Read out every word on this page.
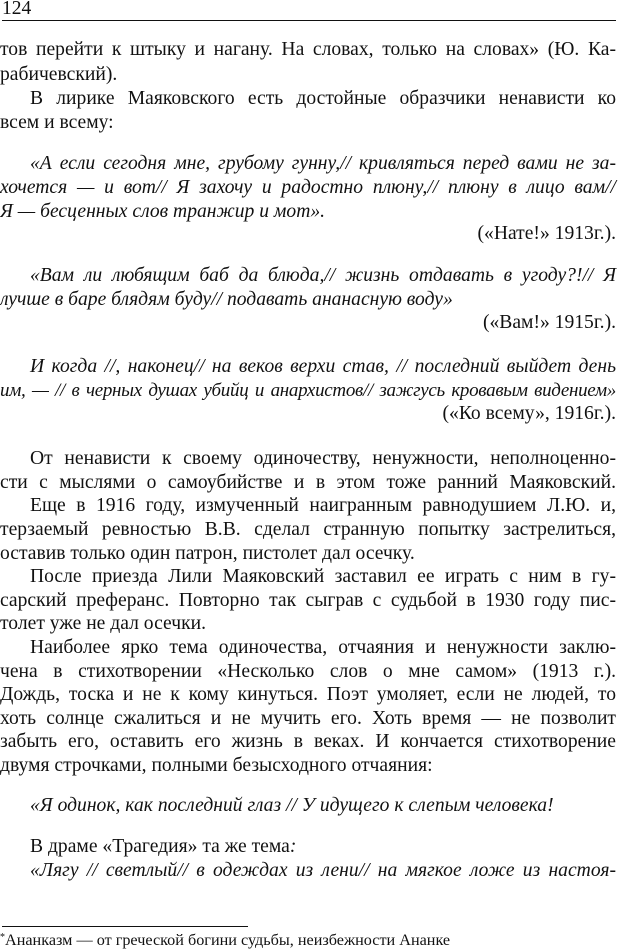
124
тов перейти к штыку и нагану. На словах, только на словах» (Ю. Ка-
рабичевский).
В лирике Маяковского есть достойные образчики ненависти ко
всем и всему:
«А если сегодня мне, грубому гунну,// кривляться перед вами не за-
хочется — и вот// Я захочу и радостно плюну,// плюну в лицо вам//
Я — бесценных слов транжир и мот».
(«Нате!» 1913г.).
«Вам ли любящим баб да блюда,// жизнь отдавать в угоду?!// Я
лучше в баре блядям буду// подавать ананасную воду»
(«Вам!» 1915г.).
И когда //, наконец// на веков верхи став, // последний выйдет день
им, — // в черных душах убийц и анархистов// зажгусь кровавым видением»
(«Ко всему», 1916г.).
От ненависти к своему одиночеству, ненужности, неполноценно-
сти с мыслями о самоубийстве и в этом тоже ранний Маяковский.
Еще в 1916 году, измученный наигранным равнодушием Л.Ю. и,
терзаемый ревностью В.В. сделал странную попытку застрелиться,
оставив только один патрон, пистолет дал осечку.
После приезда Лили Маяковский заставил ее играть с ним в гу-
сарский преферанс. Повторно так сыграв с судьбой в 1930 году пис-
толет уже не дал осечки.
Наиболее ярко тема одиночества, отчаяния и ненужности заклю-
чена в стихотворении «Несколько слов о мне самом» (1913 г.).
Дождь, тоска и не к кому кинуться. Поэт умоляет, если не людей, то
хоть солнце сжалиться и не мучить его. Хоть время — не позволит
забыть его, оставить его жизнь в веках. И кончается стихотворение
двумя строчками, полными безысходного отчаяния:
«Я одинок, как последний глаз // У идущего к слепым человека!
В драме «Трагедия» та же тема:
«Лягу // светлый// в одеждах из лени// на мягкое ложе из настоя-
*Ананказм — от греческой богини судьбы, неизбежности Ананке
